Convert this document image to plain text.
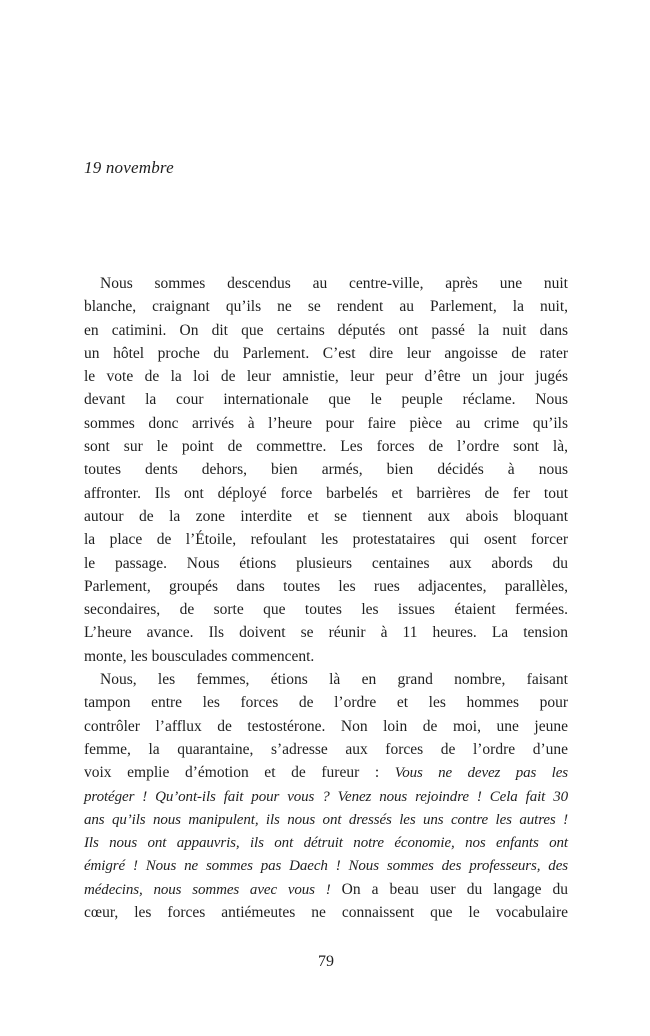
19 novembre
Nous sommes descendus au centre-ville, après une nuit
blanche, craignant qu’ils ne se rendent au Parlement, la nuit,
en catimini. On dit que certains députés ont passé la nuit dans
un hôtel proche du Parlement. C’est dire leur angoisse de rater
le vote de la loi de leur amnistie, leur peur d’être un jour jugés
devant la cour internationale que le peuple réclame. Nous
sommes donc arrivés à l’heure pour faire pièce au crime qu’ils
sont sur le point de commettre. Les forces de l’ordre sont là,
toutes dents dehors, bien armés, bien décidés à nous
affronter. Ils ont déployé force barbelés et barrières de fer tout
autour de la zone interdite et se tiennent aux abois bloquant
la place de l’Étoile, refoulant les protestataires qui osent forcer
le passage. Nous étions plusieurs centaines aux abords du
Parlement, groupés dans toutes les rues adjacentes, parallèles,
secondaires, de sorte que toutes les issues étaient fermées.
L’heure avance. Ils doivent se réunir à 11 heures. La tension
monte, les bousculades commencent.
Nous, les femmes, étions là en grand nombre, faisant
tampon entre les forces de l’ordre et les hommes pour
contrôler l’afflux de testostérone. Non loin de moi, une jeune
femme, la quarantaine, s’adresse aux forces de l’ordre d’une
voix emplie d’émotion et de fureur : Vous ne devez pas les
protéger ! Qu’ont-ils fait pour vous ? Venez nous rejoindre ! Cela fait 30
ans qu’ils nous manipulent, ils nous ont dressés les uns contre les autres !
Ils nous ont appauvris, ils ont détruit notre économie, nos enfants ont
émigré ! Nous ne sommes pas Daech ! Nous sommes des professeurs, des
médecins, nous sommes avec vous ! On a beau user du langage du
cœur, les forces antiémeutes ne connaissent que le vocabulaire
79
